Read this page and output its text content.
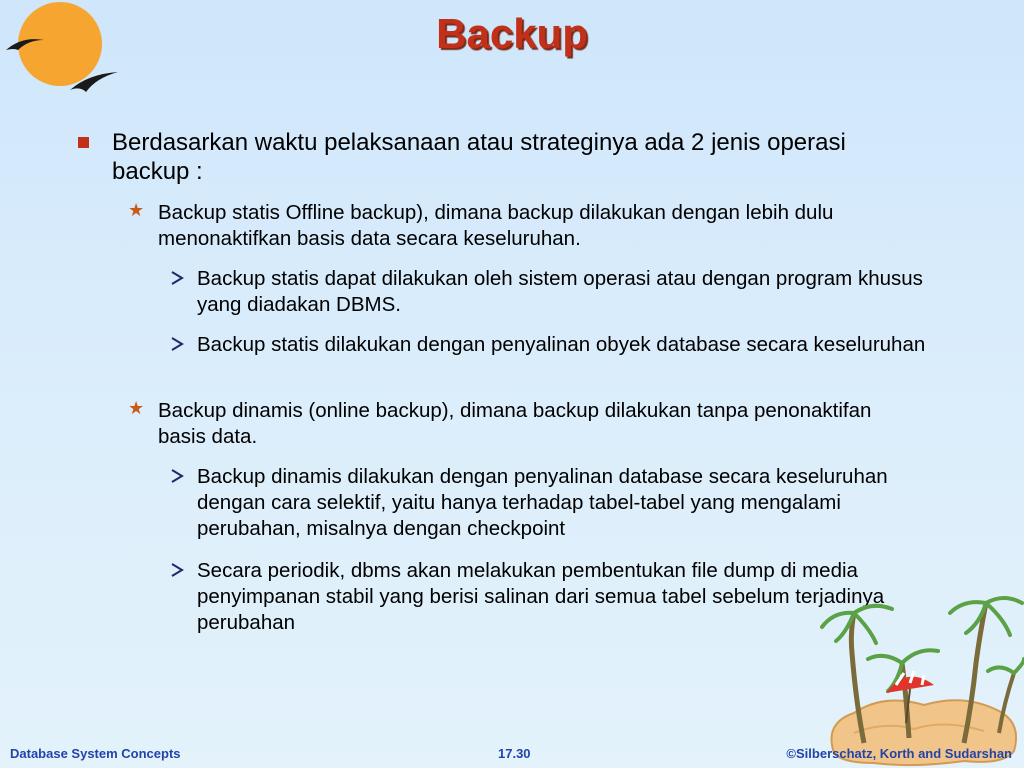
Backup
Berdasarkan waktu pelaksanaan atau strateginya ada 2 jenis operasi backup :
★ Backup statis Offline backup), dimana backup dilakukan dengan lebih dulu menonaktifkan basis data secara keseluruhan.
Backup statis dapat dilakukan oleh sistem operasi atau dengan program khusus yang diadakan DBMS.
Backup statis dilakukan dengan penyalinan obyek database secara keseluruhan
★ Backup dinamis (online backup), dimana backup dilakukan tanpa penonaktifan basis data.
Backup dinamis dilakukan dengan penyalinan database secara keseluruhan dengan cara selektif, yaitu hanya terhadap tabel-tabel yang mengalami perubahan, misalnya dengan checkpoint
Secara periodik, dbms akan melakukan pembentukan file dump di media penyimpanan stabil yang berisi salinan dari semua tabel sebelum terjadinya perubahan
Database System Concepts	17.30	©Silberschatz, Korth and Sudarshan
